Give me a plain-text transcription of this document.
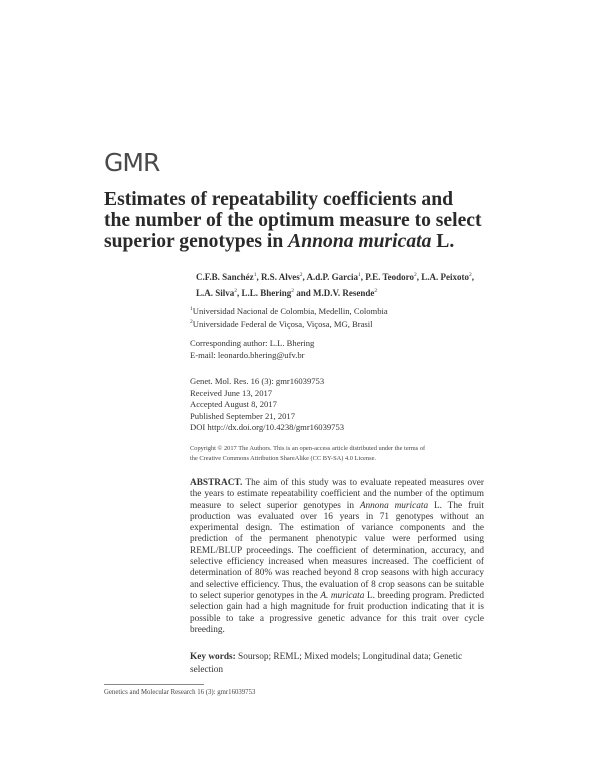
GMR
Estimates of repeatability coefficients and
the number of the optimum measure to select
superior genotypes in Annona muricata L.
C.F.B. Sanchéz$^1$, R.S. Alves$^2$, A.d.P. Garcia$^1$, P.E. Teodoro$^2$, L.A. Peixoto$^2$,
L.A. Silva$^2$, L.L. Bhering$^2$ and M.D.V. Resende$^2$
$^1$Universidad Nacional de Colombia, Medellin, Colombia
$^2$Universidade Federal de Viçosa, Viçosa, MG, Brasil
Corresponding author: L.L. Bhering
E-mail: leonardo.bhering@ufv.br
Genet. Mol. Res. 16 (3): gmr16039753
Received June 13, 2017
Accepted August 8, 2017
Published September 21, 2017
DOI http://dx.doi.org/10.4238/gmr16039753
Copyright © 2017 The Authors. This is an open-access article distributed under the terms of
the Creative Commons Attribution ShareAlike (CC BY-SA) 4.0 License.
ABSTRACT. The aim of this study was to evaluate repeated measures over the years to estimate repeatability coefficient and the number of the optimum measure to select superior genotypes in Annona muricata L. The fruit production was evaluated over 16 years in 71 genotypes without an experimental design. The estimation of variance components and the prediction of the permanent phenotypic value were performed using REML/BLUP proceedings. The coefficient of determination, accuracy, and selective efficiency increased when measures increased. The coefficient of determination of 80% was reached beyond 8 crop seasons with high accuracy and selective efficiency. Thus, the evaluation of 8 crop seasons can be suitable to select superior genotypes in the A. muricata L. breeding program. Predicted selection gain had a high magnitude for fruit production indicating that it is possible to take a progressive genetic advance for this trait over cycle breeding.
Key words: Soursop; REML; Mixed models; Longitudinal data; Genetic selection
Genetics and Molecular Research 16 (3): gmr16039753
